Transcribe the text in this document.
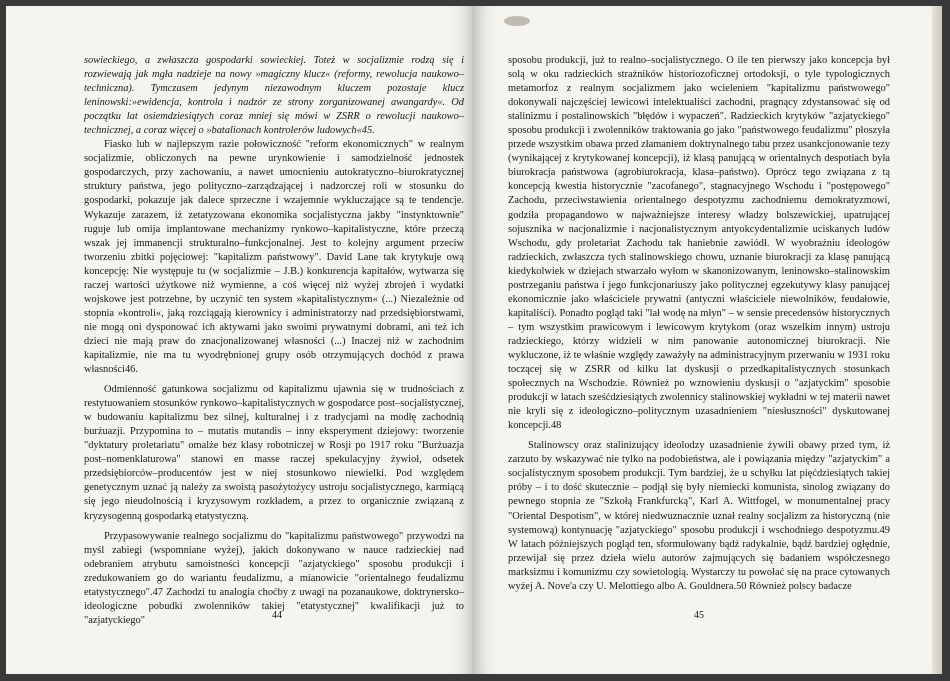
sowieckiego, a zwłaszcza gospodarki sowieckiej. Toteż w socjalizmie rodzą się i rozwiewają jak mgła nadzieje na nowy »magiczny klucz« (reformy, rewolucja naukowo–techniczna). Tymczasem jedynym niezawodnym kluczem pozostaje klucz leninowski:»ewidencja, kontrola i nadzór ze strony zorganizowanej awangardy«. Od początku lat osiemdziesiątych coraz mniej się mówi w ZSRR o rewolucji naukowo–technicznej, a coraz więcej o »batalionach kontrolerów ludowych«45.

Fiasko lub w najlepszym razie połowiczność "reform ekonomicznych" w realnym socjalizmie, obliczonych na pewne urynkowienie i samodzielność jednostek gospodarczych, przy zachowaniu, a nawet umocnieniu autokratyczno–biurokratycznej struktury państwa, jego polityczno–zarządzającej i nadzorczej roli w stosunku do gospodarki, pokazuje jak dalece sprzeczne i wzajemnie wykluczające są te tendencje. Wykazuje zarazem, iż zetatyzowana ekonomika socjalistyczna jakby "instynktownie" ruguje lub omija implantowane mechanizmy rynkowo–kapitalistyczne, które przeczą wszak jej immanencji strukturalno–funkcjonalnej. Jest to kolejny argument przeciw tworzeniu zbitki pojęciowej: "kapitalizm państwowy". David Lane tak krytykuje ową koncepcję: Nie występuje tu (w socjalizmie – J.B.) konkurencja kapitałów, wytwarza się raczej wartości użytkowe niż wymienne, a coś więcej niż wyżej zbrojeń i wydatki wojskowe jest potrzebne, by uczynić ten system »kapitalistycznym« (...) Niezależnie od stopnia »kontroli«, jaką rozciągają kierownicy i administratorzy nad przedsiębiorstwami, nie mogą oni dysponować ich aktywami jako swoimi prywatnymi dobrami, ani też ich dzieci nie mają praw do znacjonalizowanej własności (...) Inaczej niż w zachodnim kapitalizmie, nie ma tu wyodrębnionej grupy osób otrzymujących dochód z prawa własności46.

Odmienność gatunkowa socjalizmu od kapitalizmu ujawnia się w trudnościach z restytuowaniem stosunków rynkowo–kapitalistycznych w gospodarce post–socjalistycznej, w budowaniu kapitalizmu bez silnej, kulturalnej i z tradycjami na modłę zachodnią burżuazji. Przypomina to – mutatis mutandis – inny eksperyment dziejowy: tworzenie "dyktatury proletariatu" omalże bez klasy robotniczej w Rosji po 1917 roku "Burżuazja post–nomenklaturowa" stanowi en masse raczej spekulacyjny żywioł, odsetek przedsiębiorców–producentów jest w niej stosunkowo niewielki. Pod względem genetycznym uznać ją należy za swoistą pasożytożycy ustroju socjalistycznego, karmiącą się jego nieudolnością i kryzysowym rozkładem, a przez to organicznie związaną z kryzysogenną gospodarką etatystyczną.

Przypasowywanie realnego socjalizmu do "kapitalizmu państwowego" przywodzi na myśl zabiegi (wspomniane wyżej), jakich dokonywano w nauce radzieckiej nad odebraniem atrybutu samoistności koncepcji "azjatyckiego" sposobu produkcji i zredukowaniem go do wariantu feudalizmu, a mianowicie "orientalnego feudalizmu etatystycznego".47 Zachodzi tu analogia choćby z uwagi na pozanaukowe, doktrynersko–ideologiczne pobudki zwolenników takiej "etatystycznej" kwalifikacji już to "azjatyckiego"	44

sposobu produkcji, już to realno–socjalistycznego. O ile ten pierwszy jako koncepcja był solą w oku radzieckich strażników historiozoficznej ortodoksji, o tyle typologicznych metamorfoz z realnym socjalizmem jako wcieleniem "kapitalizmu państwowego" dokonywali najczęściej lewicowi intelektualiści zachodni, pragnący zdystansować się od stalinizmu i postalinowskich "błędów i wypaczeń". Radzieckich krytyków "azjatyckiego" sposobu produkcji i zwolenników traktowania go jako "państwowego feudalizmu" płoszyła przede wszystkim obawa przed złamaniem doktrynalnego tabu przez usankcjonowanie tezy (wynikającej z krytykowanej koncepcji), iż klasą panującą w orientalnych despotiach była biurokracja państwowa (agrobiurokracja, klasa–państwo). Oprócz tego związana z tą koncepcją kwestia historycznie "zacofanego", stagnacyjnego Wschodu i "postępowego" Zachodu, przeciwstawienia orientalnego despotyzmu zachodniemu demokratyzmowi, godziła propagandowo w najważniejsze interesy władzy bolszewickiej, upatrującej sojusznika w nacjonalizmie i nacjonalistycznym antyokcydentalizmie uciskanych ludów Wschodu, gdy proletariat Zachodu tak haniebnie zawiódł. W wyobraźniu ideologów radzieckich, zwłaszcza tych stalinowskiego chowu, uznanie biurokracji za klasę panującą kiedykolwiek w dziejach stwarzało wyłom w skanonizowanym, leninowsko–stalinowskim postrzeganiu państwa i jego funkcjonariuszy jako politycznej egzekutywy klasy panującej ekonomicznie jako właściciele prywatni (antyczni właściciele niewolników, feudałowie, kapitaliści). Ponadto pogląd taki "lał wodę na młyn" – w sensie precedensów historycznych – tym wszystkim prawicowym i lewicowym krytykom (oraz wszelkim innym) ustroju radzieckiego, którzy widzieli w nim panowanie autonomicznej biurokracji. Nie wykluczone, iż te właśnie względy zaważyły na administracyjnym przerwaniu w 1931 roku toczącej się w ZSRR od kilku lat dyskusji o przedkapitalistycznych stosunkach społecznych na Wschodzie. Również po wznowieniu dyskusji o "azjatyckim" sposobie produkcji w latach sześćdziesiątych zwolennicy stalinowskiej wykładni w tej materii nawet nie kryli się z ideologiczno–politycznym uzasadnieniem "niesłuszności" dyskutowanej koncepcji.48

Stalinowscy oraz stalinizujący ideolodzy uzasadnienie żywili obawy przed tym, iż zarzuto by wskazywać nie tylko na podobieństwa, ale i powiązania między "azjatyckim" a socjalistycznym sposobem produkcji. Tym bardziej, że u schyłku lat pięćdziesiątych takiej próby – i to dość skutecznie – podjął się były niemiecki komunista, sinolog związany do pewnego stopnia ze "Szkołą Frankfurcką", Karl A. Wittfogel, w monumentalnej pracy "Oriental Despotism", w której niedwuznacznie uznał realny socjalizm za historyczną (nie systemową) kontynuację "azjatyckiego" sposobu produkcji i wschodniego despotyzmu.49 W latach późniejszych pogląd ten, sformułowany bądź radykalnie, bądź bardziej ogłędnie, przewijał się przez dzieła wielu autorów zajmujących się badaniem współczesnego marksizmu i komunizmu czy sowietologią. Wystarczy tu powołać się na prace cytowanych wyżej A. Nove'a czy U. Melottiego albo A. Gouldnera.50 Również polscy badacze

45
